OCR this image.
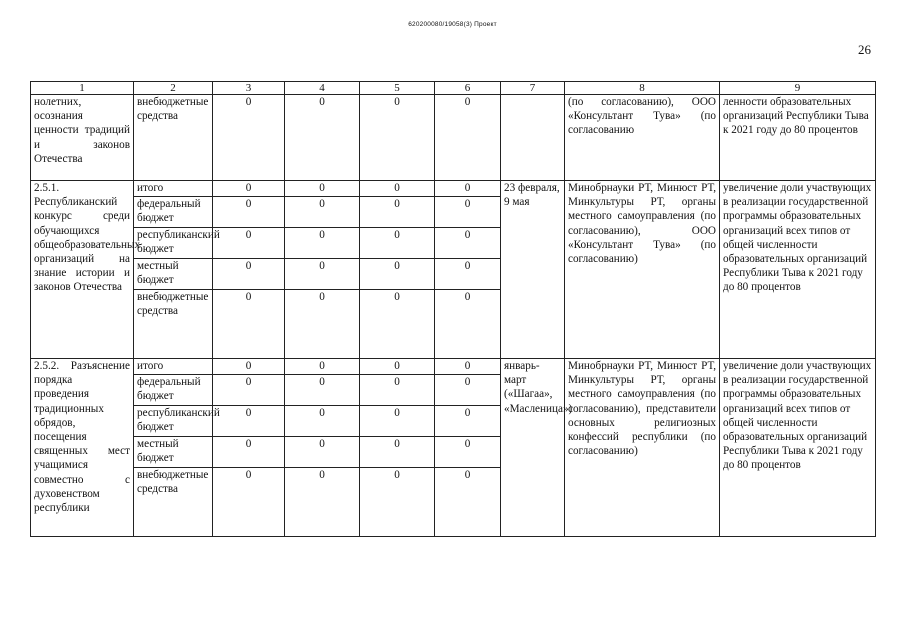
620200080/19058(3) Проект
26
1	2	3	4	5	6	7	8	9
нолетних, осознания ценности традиций и законов Отечества	внебюджетные средства	0	0	0	0		(по согласованию), ООО «Консультант Тува» (по согласованию	ленности образовательных организаций Республики Тыва к 2021 году до 80 процентов
2.5.1. Республиканский конкурс среди обучающихся общеобразовательных организаций на знание истории и законов Отечества	итого	0	0	0	0	23 февраля, 9 мая	Минобрнауки РТ, Минюст РТ, Минкультуры РТ, органы местного самоуправления (по согласованию), ООО «Консультант Тува» (по согласованию)	увеличение доли участвующих в реализации государственной программы образовательных организаций всех типов от общей численности образовательных организаций Республики Тыва к 2021 году до 80 процентов
	федеральный бюджет	0	0	0	0			
	республиканский бюджет	0	0	0	0			
	местный бюджет	0	0	0	0			
	внебюджетные средства	0	0	0	0			
2.5.2. Разъяснение порядка проведения традиционных обрядов, посещения священных мест учащимися совместно с духовенством республики	итого	0	0	0	0	январь-март («Шагаа», «Масленица»)	Минобрнауки РТ, Минюст РТ, Минкультуры РТ, органы местного самоуправления (по согласованию), представители основных религиозных конфессий республики (по согласованию)	увеличение доли участвующих в реализации государственной программы образовательных организаций всех типов от общей численности образовательных организаций Республики Тыва к 2021 году до 80 процентов
	федеральный бюджет	0	0	0	0			
	республиканский бюджет	0	0	0	0			
	местный бюджет	0	0	0	0			
	внебюджетные средства	0	0	0	0			
